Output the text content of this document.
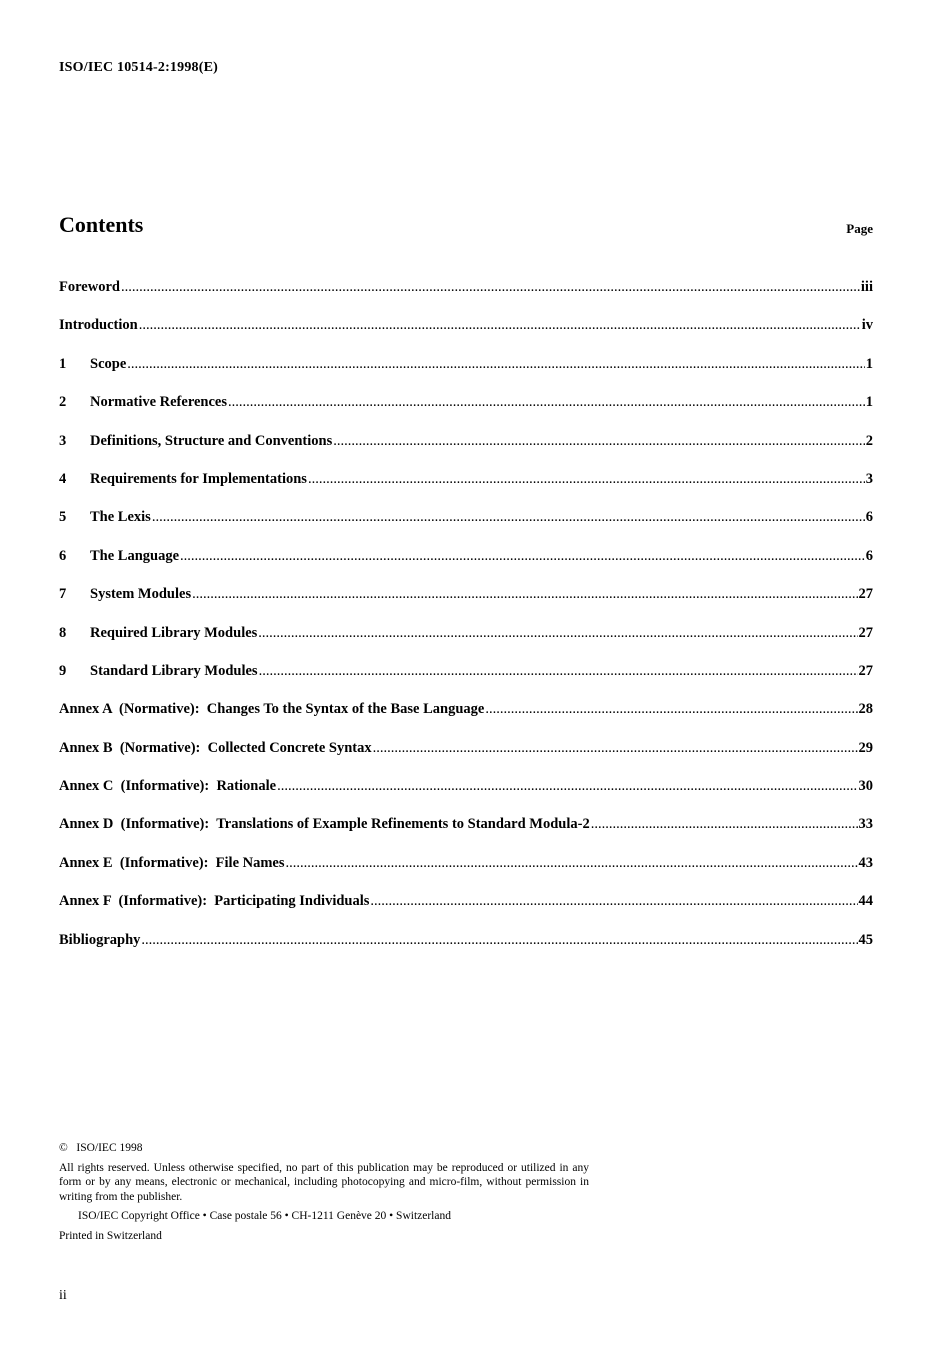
ISO/IEC 10514-2:1998(E)
Contents	Page
Foreword .....	iii
Introduction .....	iv
1	Scope .....	1
2	Normative References .....	1
3	Definitions, Structure and Conventions .....	2
4	Requirements for Implementations .....	3
5	The Lexis .....	6
6	The Language .....	6
7	System Modules .....	27
8	Required Library Modules .....	27
9	Standard Library Modules .....	27
Annex A  (Normative):  Changes To the Syntax of the Base Language .....	28
Annex B  (Normative):  Collected Concrete Syntax .....	29
Annex C  (Informative):  Rationale .....	30
Annex D  (Informative):  Translations of Example Refinements to Standard Modula-2 .....	33
Annex E  (Informative):  File Names .....	43
Annex F  (Informative):  Participating Individuals .....	44
Bibliography .....	45
©   ISO/IEC 1998
All rights reserved. Unless otherwise specified, no part of this publication may be reproduced or utilized in any form or by any means, electronic or mechanical, including photocopying and micro-film, without permission in writing from the publisher.
ISO/IEC Copyright Office • Case postale 56 • CH-1211 Genève 20 • Switzerland
Printed in Switzerland
ii
